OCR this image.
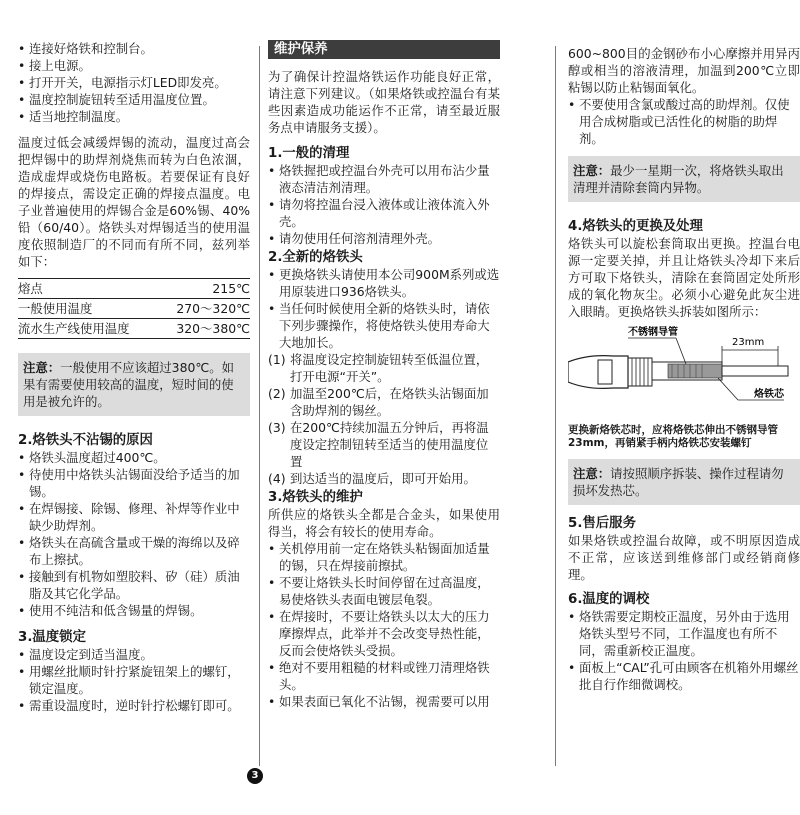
• 连接好烙铁和控制台。

• 接上电源。

• 打开开关，电源指示灯LED即发亮。

• 温度控制旋钮转至适用温度位置。

• 适当地控制温度。

温度过低会减缓焊锡的流动，温度过高会把焊锡中的助焊剂烧焦而转为白色浓涸，造成虚焊或烧伤电路板。若要保证有良好的焊接点，需设定正确的焊接点温度。电子业普遍使用的焊锡合金是60%锡、40%铅（60/40）。烙铁头对焊锡适当的使用温度依照制造厂的不同而有所不同，兹列举如下：

熔点	215℃
一般使用温度	270～320℃
流水生产线使用温度	320～380℃
注意：一般使用不应该超过380℃。如果有需要使用较高的温度，短时间的使用是被允许的。

2.烙铁头不沾锡的原因

• 烙铁头温度超过400℃。

• 待使用中烙铁头沾锡面没给予适当的加锡。

• 在焊锡接、除锡、修理、补焊等作业中缺少助焊剂。

• 烙铁头在高硫含量或干燥的海绵以及碎布上擦拭。

• 接触到有机物如塑胶料、矽（硅）质油脂及其它化学品。

• 使用不纯洁和低含锡量的焊锡。

3.温度锁定

• 温度设定到适当温度。

• 用螺丝批顺时针拧紧旋钮架上的螺钉，锁定温度。

• 需重设温度时，逆时针拧松螺钉即可。

维护保养

为了确保计控温烙铁运作功能良好正常，请注意下列建议。（如果烙铁或控温台有某些因素造成功能运作不正常，请至最近服务点申请服务支援）。

1.一般的清理

• 烙铁握把或控温台外壳可以用布沾少量液态清洁剂清理。

• 请勿将控温台浸入液体或让液体流入外壳。

• 请勿使用任何溶剂清理外壳。

2.全新的烙铁头

• 更换烙铁头请使用本公司900M系列或选用原装进口936烙铁头。

• 当任何时候使用全新的烙铁头时，请依下列步骤操作，将使烙铁头使用寿命大大地加长。

(1) 将温度设定控制旋钮转至低温位置，打开电源“开关”。

(2) 加温至200℃后，在烙铁头沾锡面加含助焊剂的锡丝。

(3) 在200℃持续加温五分钟后，再将温度设定控制钮转至适当的使用温度位置

(4) 到达适当的温度后，即可开始用。

3.烙铁头的维护

所供应的烙铁头全都是合金头，如果使用得当，将会有较长的使用寿命。

• 关机停用前一定在烙铁头粘锡面加适量的锡，只在焊接前擦拭。

• 不要让烙铁头长时间停留在过高温度，易使烙铁头表面电镀层龟裂。

• 在焊接时，不要让烙铁头以太大的压力摩擦焊点，此举并不会改变导热性能，反而会使烙铁头受损。

• 绝对不要用粗糙的材料或锉刀清理烙铁头。

• 如果表面已氧化不沾锡，视需要可以用

3

600~800目的金钢砂布小心摩擦并用异丙醇或相当的溶液清理，加温到200℃立即粘锡以防止粘锡面氧化。

• 不要使用含氯或酸过高的助焊剂。仅使用合成树脂或已活性化的树脂的助焊剂。

注意：最少一星期一次，将烙铁头取出清理并清除套筒内异物。

4.烙铁头的更换及处理

烙铁头可以旋松套筒取出更换。控温台电源一定要关掉，并且让烙铁头冷却下来后方可取下烙铁头，清除在套筒固定处所形成的氧化物灰尘。必须小心避免此灰尘进入眼睛。更换烙铁头拆装如图所示：

23mm
不锈钢导管
烙铁芯

更换新烙铁芯时，应将烙铁芯伸出不锈钢导管23mm，再销紧手柄内烙铁芯安装螺钉

注意：请按照顺序拆装、操作过程请勿损坏发热芯。

5.售后服务

如果烙铁或控温台故障，或不明原因造成不正常，应该送到维修部门或经销商修理。

6.温度的调校

• 烙铁需要定期校正温度，另外由于选用烙铁头型号不同，工作温度也有所不同，需重新校正温度。

• 面板上“CAL”孔可由顾客在机箱外用螺丝批自行作细微调校。
